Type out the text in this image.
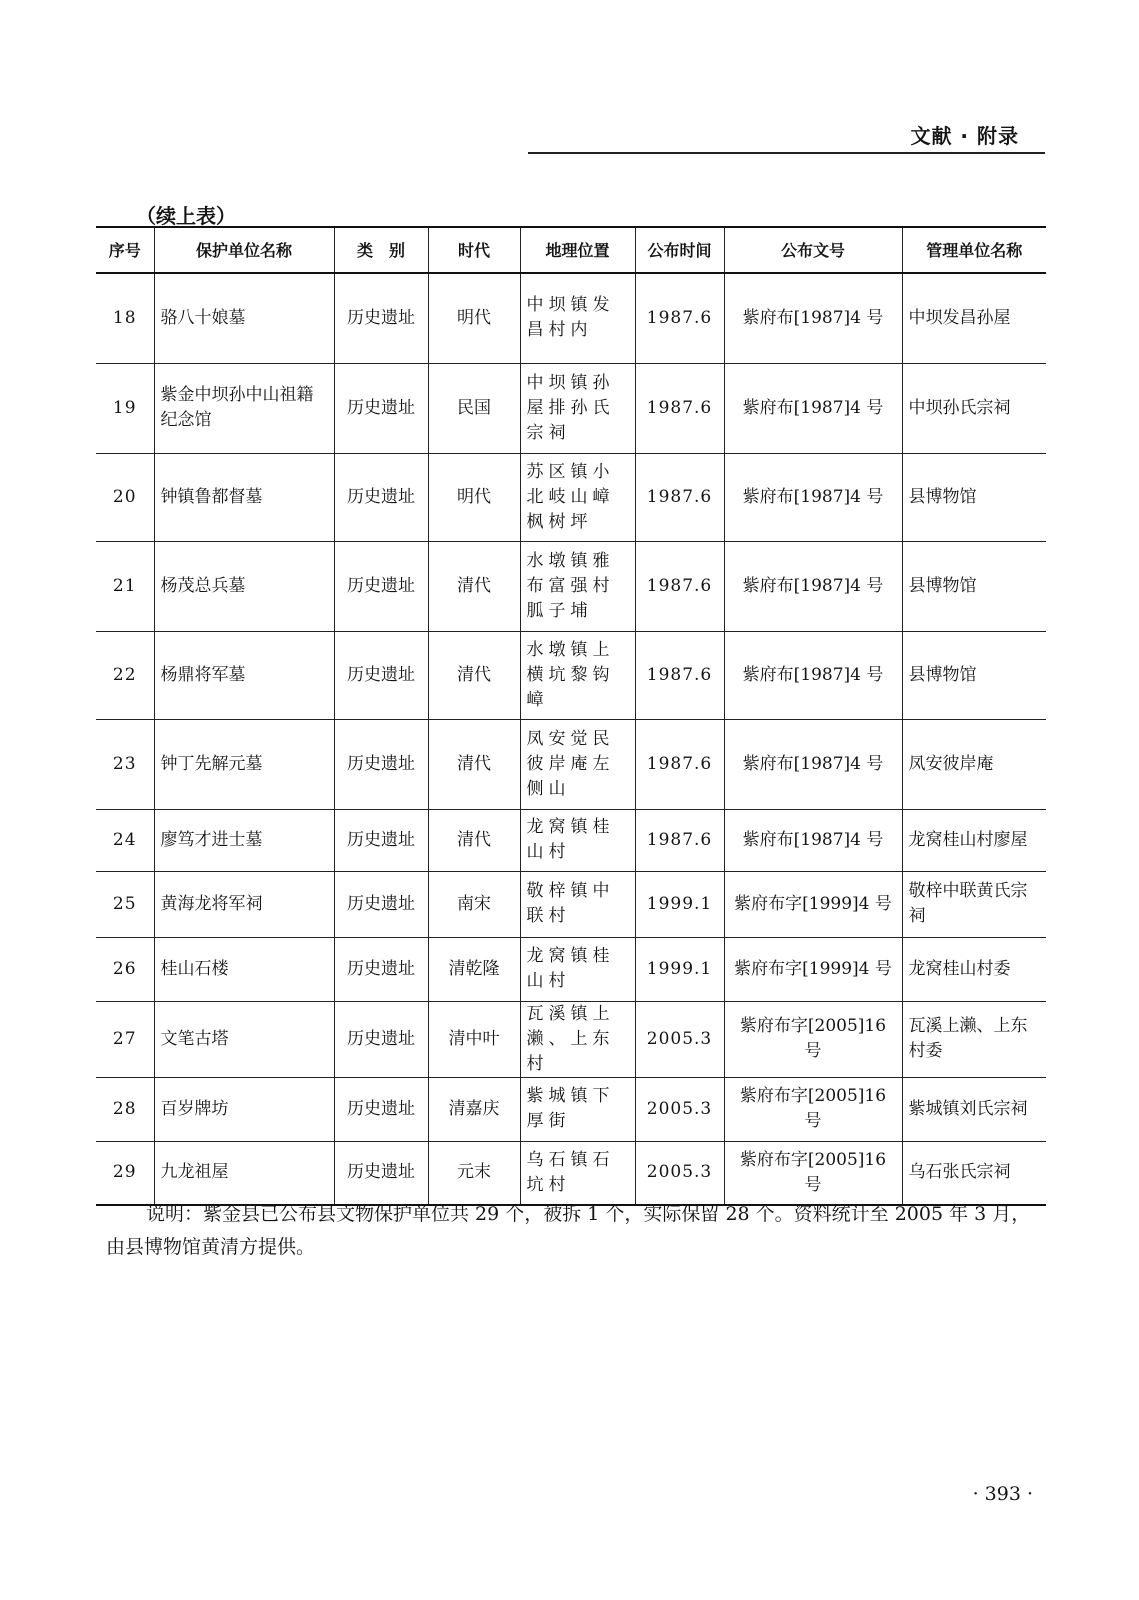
文献 · 附录
（续上表）
序号	保护单位名称	类　别	时代	地理位置	公布时间	公布文号	管理单位名称
18	骆八十娘墓	历史遗址	明代	中坝镇发昌村内	1987.6	紫府布[1987]4 号	中坝发昌孙屋
19	紫金中坝孙中山祖籍纪念馆	历史遗址	民国	中坝镇孙屋排孙氏宗祠	1987.6	紫府布[1987]4 号	中坝孙氏宗祠
20	钟镇鲁都督墓	历史遗址	明代	苏区镇小北岐山嶂枫树坪	1987.6	紫府布[1987]4 号	县博物馆
21	杨茂总兵墓	历史遗址	清代	水墩镇雅布富强村胍子埔	1987.6	紫府布[1987]4 号	县博物馆
22	杨鼎将军墓	历史遗址	清代	水墩镇上横坑黎钩嶂	1987.6	紫府布[1987]4 号	县博物馆
23	钟丁先解元墓	历史遗址	清代	凤安觉民彼岸庵左侧山	1987.6	紫府布[1987]4 号	凤安彼岸庵
24	廖笃才进士墓	历史遗址	清代	龙窝镇桂山村	1987.6	紫府布[1987]4 号	龙窝桂山村廖屋
25	黄海龙将军祠	历史遗址	南宋	敬梓镇中联村	1999.1	紫府布字[1999]4 号	敬梓中联黄氏宗祠
26	桂山石楼	历史遗址	清乾隆	龙窝镇桂山村	1999.1	紫府布字[1999]4 号	龙窝桂山村委
27	文笔古塔	历史遗址	清中叶	瓦溪镇上濑、上东村	2005.3	紫府布字[2005]16 号	瓦溪上濑、上东村委
28	百岁牌坊	历史遗址	清嘉庆	紫城镇下厚街	2005.3	紫府布字[2005]16 号	紫城镇刘氏宗祠
29	九龙祖屋	历史遗址	元末	乌石镇石坑村	2005.3	紫府布字[2005]16 号	乌石张氏宗祠
说明：紫金县已公布县文物保护单位共 29 个，被拆 1 个，实际保留 28 个。资料统计至 2005 年 3 月，由县博物馆黄清方提供。
· 393 ·
